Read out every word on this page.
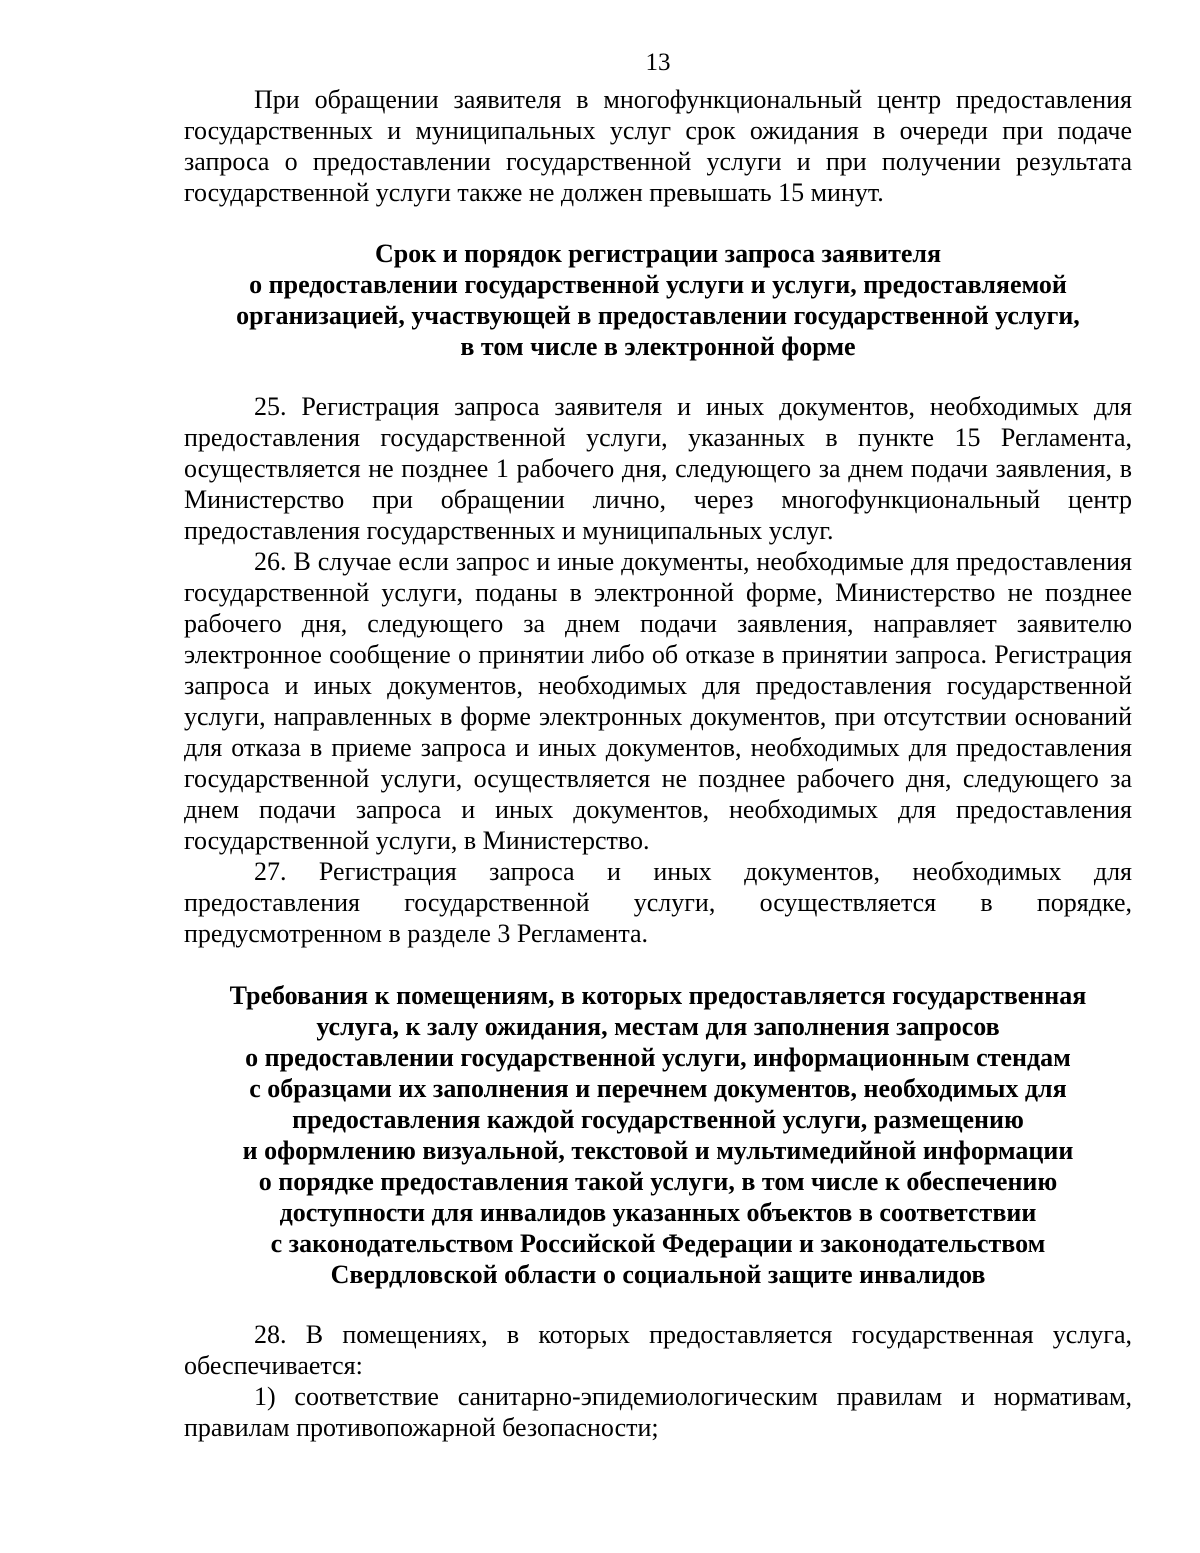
13

При обращении заявителя в многофункциональный центр предоставления государственных и муниципальных услуг срок ожидания в очереди при подаче запроса о предоставлении государственной услуги и при получении результата государственной услуги также не должен превышать 15 минут.

Срок и порядок регистрации запроса заявителя
о предоставлении государственной услуги и услуги, предоставляемой
организацией, участвующей в предоставлении государственной услуги,
в том числе в электронной форме

25. Регистрация запроса заявителя и иных документов, необходимых для предоставления государственной услуги, указанных в пункте 15 Регламента, осуществляется не позднее 1 рабочего дня, следующего за днем подачи заявления, в Министерство при обращении лично, через многофункциональный центр предоставления государственных и муниципальных услуг.

26. В случае если запрос и иные документы, необходимые для предоставления государственной услуги, поданы в электронной форме, Министерство не позднее рабочего дня, следующего за днем подачи заявления, направляет заявителю электронное сообщение о принятии либо об отказе в принятии запроса. Регистрация запроса и иных документов, необходимых для предоставления государственной услуги, направленных в форме электронных документов, при отсутствии оснований для отказа в приеме запроса и иных документов, необходимых для предоставления государственной услуги, осуществляется не позднее рабочего дня, следующего за днем подачи запроса и иных документов, необходимых для предоставления государственной услуги, в Министерство.

27. Регистрация запроса и иных документов, необходимых для предоставления государственной услуги, осуществляется в порядке, предусмотренном в разделе 3 Регламента.

Требования к помещениям, в которых предоставляется государственная
услуга, к залу ожидания, местам для заполнения запросов
о предоставлении государственной услуги, информационным стендам
с образцами их заполнения и перечнем документов, необходимых для
предоставления каждой государственной услуги, размещению
и оформлению визуальной, текстовой и мультимедийной информации
о порядке предоставления такой услуги, в том числе к обеспечению
доступности для инвалидов указанных объектов в соответствии
с законодательством Российской Федерации и законодательством
Свердловской области о социальной защите инвалидов

28. В помещениях, в которых предоставляется государственная услуга, обеспечивается:

1) соответствие санитарно-эпидемиологическим правилам и нормативам, правилам противопожарной безопасности;
